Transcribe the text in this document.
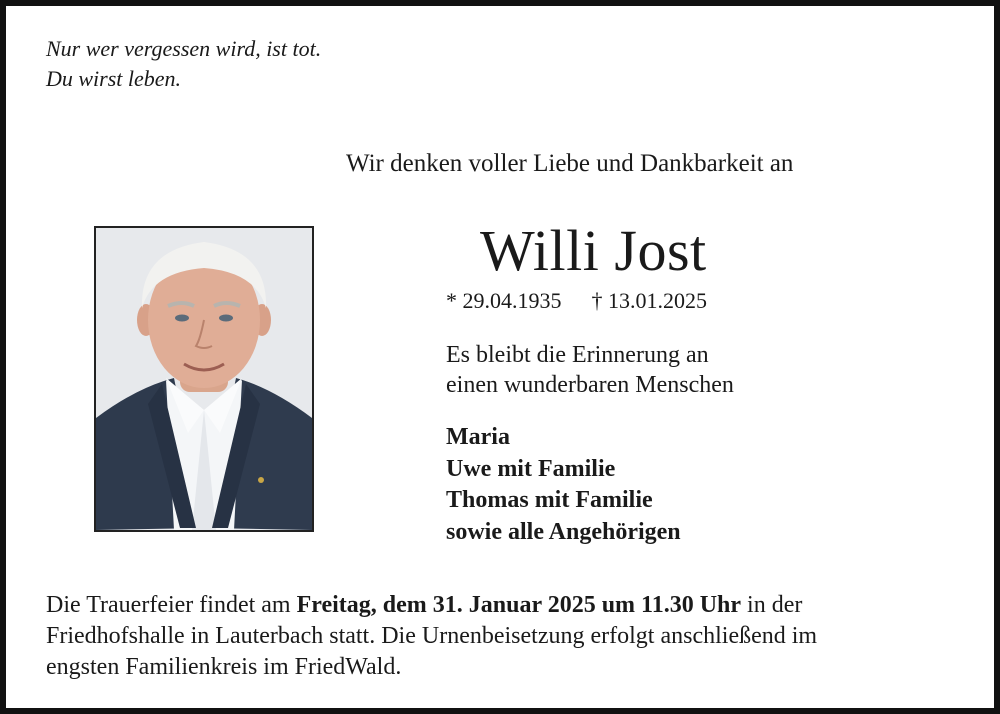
Nur wer vergessen wird, ist tot.
Du wirst leben.
Wir denken voller Liebe und Dankbarkeit an
Willi Jost
* 29.04.1935 † 13.01.2025
Es bleibt die Erinnerung an
einen wunderbaren Menschen
Maria
Uwe mit Familie
Thomas mit Familie
sowie alle Angehörigen
Die Trauerfeier findet am Freitag, dem 31. Januar 2025 um 11.30 Uhr in der
Friedhofshalle in Lauterbach statt. Die Urnenbeisetzung erfolgt anschließend im
engsten Familienkreis im FriedWald.
